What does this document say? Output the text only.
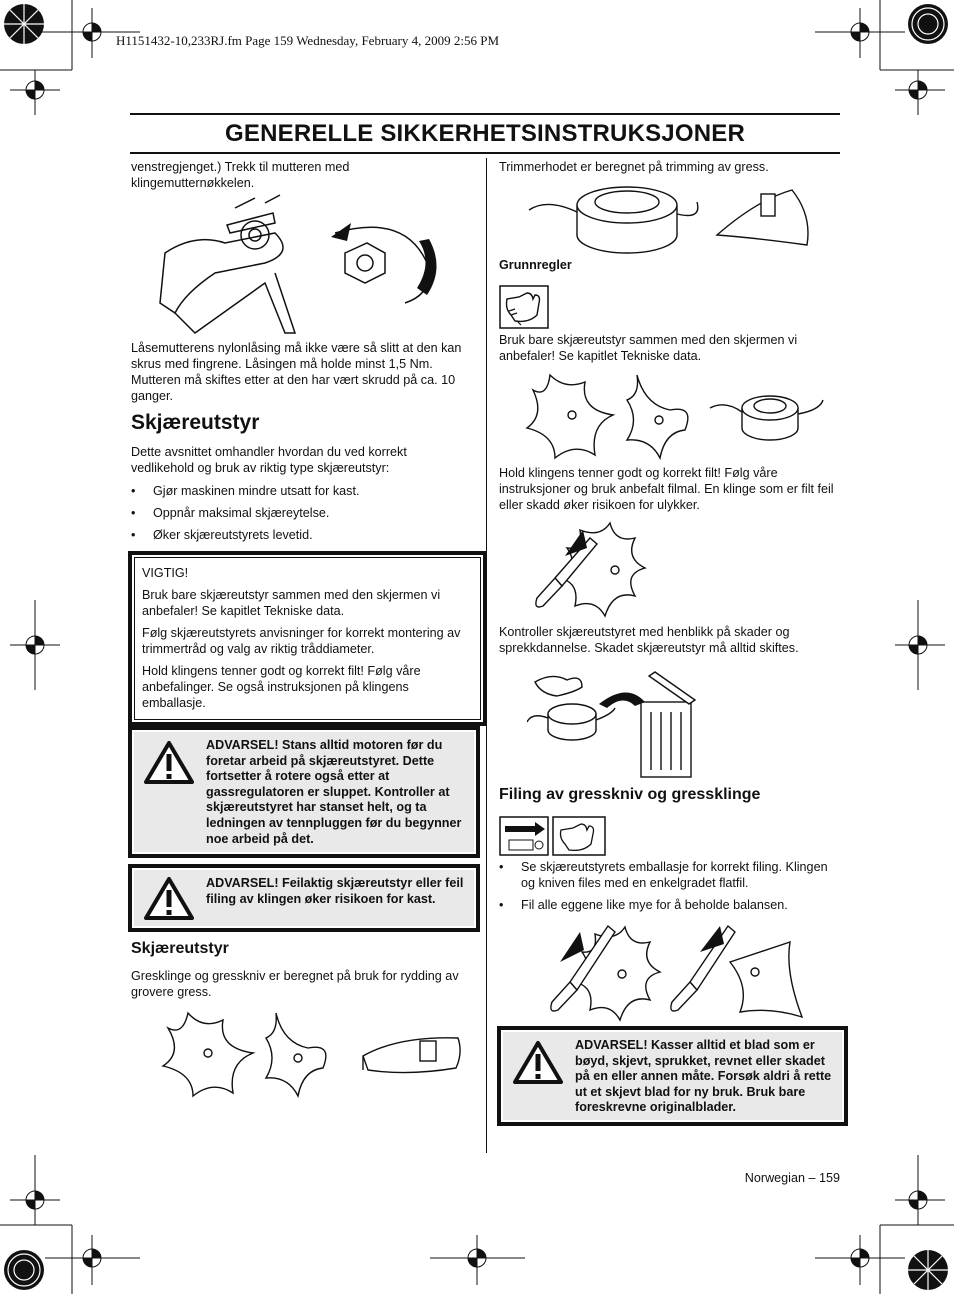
H1151432-10,233RJ.fm Page 159 Wednesday, February 4, 2009 2:56 PM
GENERELLE SIKKERHETSINSTRUKSJONER

venstregjenget.) Trekk til mutteren med klingemutternøkkelen.

Låsemutterens nylonlåsing må ikke være så slitt at den kan skrus med fingrene. Låsingen må holde minst 1,5 Nm. Mutteren må skiftes etter at den har vært skrudd på ca. 10 ganger.

Skjæreutstyr

Dette avsnittet omhandler hvordan du ved korrekt vedlikehold og bruk av riktig type skjæreutstyr:

• Gjør maskinen mindre utsatt for kast.
• Oppnår maksimal skjæreytelse.
• Øker skjæreutstyrets levetid.

VIGTIG!

Bruk bare skjæreutstyr sammen med den skjermen vi anbefaler! Se kapitlet Tekniske data.

Følg skjæreutstyrets anvisninger for korrekt montering av trimmertråd og valg av riktig tråddiameter.

Hold klingens tenner godt og korrekt filt! Følg våre anbefalinger. Se også instruksjonen på klingens emballasje.

ADVARSEL! Stans alltid motoren før du foretar arbeid på skjæreutstyret. Dette fortsetter å rotere også etter at gassregulatoren er sluppet. Kontroller at skjæreutstyret har stanset helt, og ta ledningen av tennpluggen før du begynner noe arbeid på det.
ADVARSEL! Feilaktig skjæreutstyr eller feil filing av klingen øker risikoen for kast.
Skjæreutstyr

Gresklinge og gresskniv er beregnet på bruk for rydding av grovere gress.

Trimmerhodet er beregnet på trimming av gress.

Grunnregler

Bruk bare skjæreutstyr sammen med den skjermen vi anbefaler! Se kapitlet Tekniske data.

Hold klingens tenner godt og korrekt filt! Følg våre instruksjoner og bruk anbefalt filmal. En klinge som er filt feil eller skadd øker risikoen for ulykker.

Kontroller skjæreutstyret med henblikk på skader og sprekkdannelse. Skadet skjæreutstyr må alltid skiftes.

Filing av gresskniv og gressklinge
• Se skjæreutstyrets emballasje for korrekt filing. Klingen og kniven files med en enkelgradet flatfil.
• Fil alle eggene like mye for å beholde balansen.
ADVARSEL! Kasser alltid et blad som er bøyd, skjevt, sprukket, revnet eller skadet på en eller annen måte. Forsøk aldri å rette ut et skjevt blad for ny bruk. Bruk bare foreskrevne originalblader.
Norwegian – 159
